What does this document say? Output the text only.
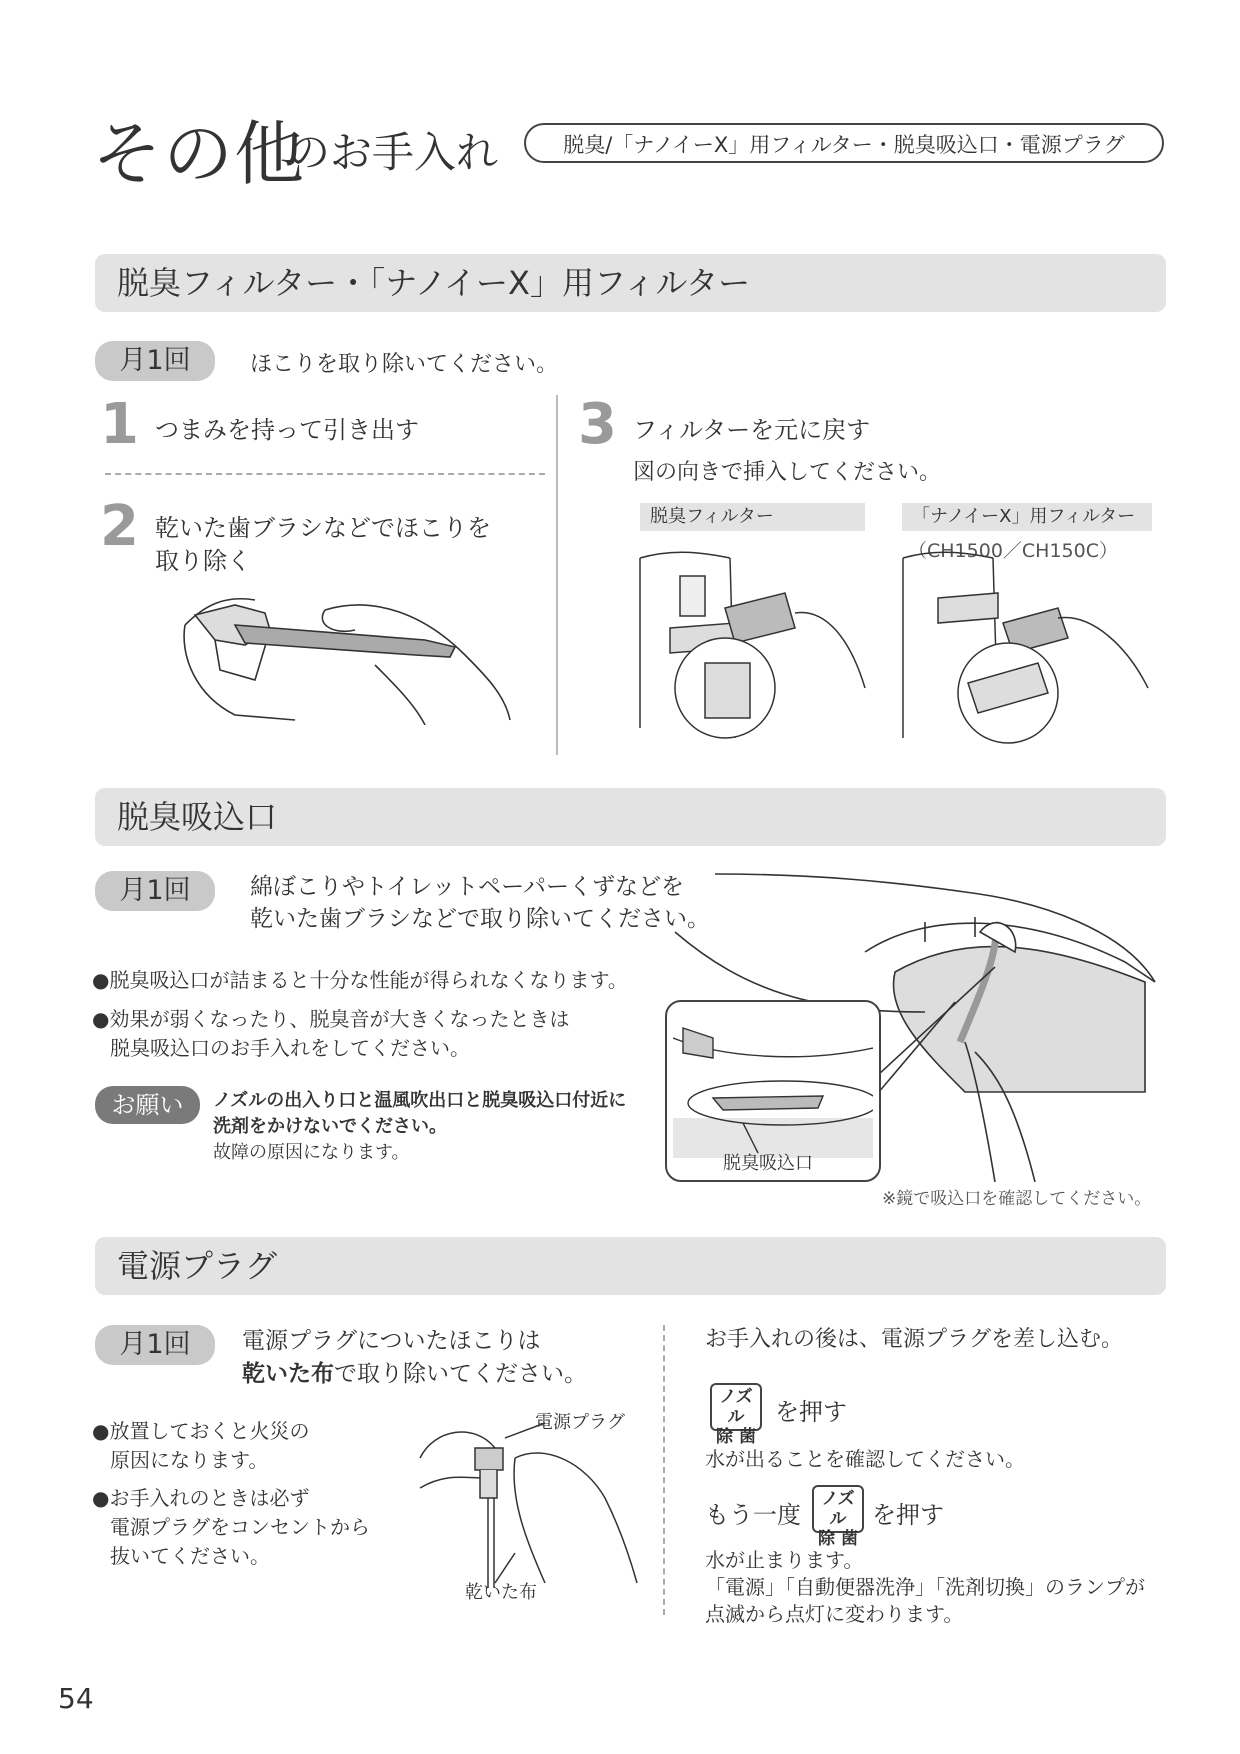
その他
のお手入れ	脱臭/「ナノイーX」用フィルター・脱臭吸込口・電源プラグ
脱臭フィルター・「ナノイーX」用フィルター
月1回	ほこりを取り除いてください。
1 つまみを持って引き出す
2 乾いた歯ブラシなどでほこりを
取り除く
3 フィルターを元に戻す
図の向きで挿入してください。
脱臭フィルター	「ナノイーX」用フィルター
（CH1500／CH150C）
脱臭吸込口
月1回	綿ぼこりやトイレットペーパーくずなどを
乾いた歯ブラシなどで取り除いてください。
●脱臭吸込口が詰まると十分な性能が得られなくなります。
●効果が弱くなったり、脱臭音が大きくなったときは
脱臭吸込口のお手入れをしてください。
お願い	ノズルの出入り口と温風吹出口と脱臭吸込口付近に
洗剤をかけないでください。
故障の原因になります。
脱臭吸込口
※鏡で吸込口を確認してください。
電源プラグ
月1回	電源プラグについたほこりは
乾いた布で取り除いてください。
●放置しておくと火災の
原因になります。
●お手入れのときは必ず
電源プラグをコンセントから
抜いてください。
電源プラグ
乾いた布
お手入れの後は、電源プラグを差し込む。
ノズル
除 菌
を押す
水が出ることを確認してください。
もう一度
ノズル
除 菌
を押す
水が止まります。
「電源」「自動便器洗浄」「洗剤切換」のランプが
点滅から点灯に変わります。
54
